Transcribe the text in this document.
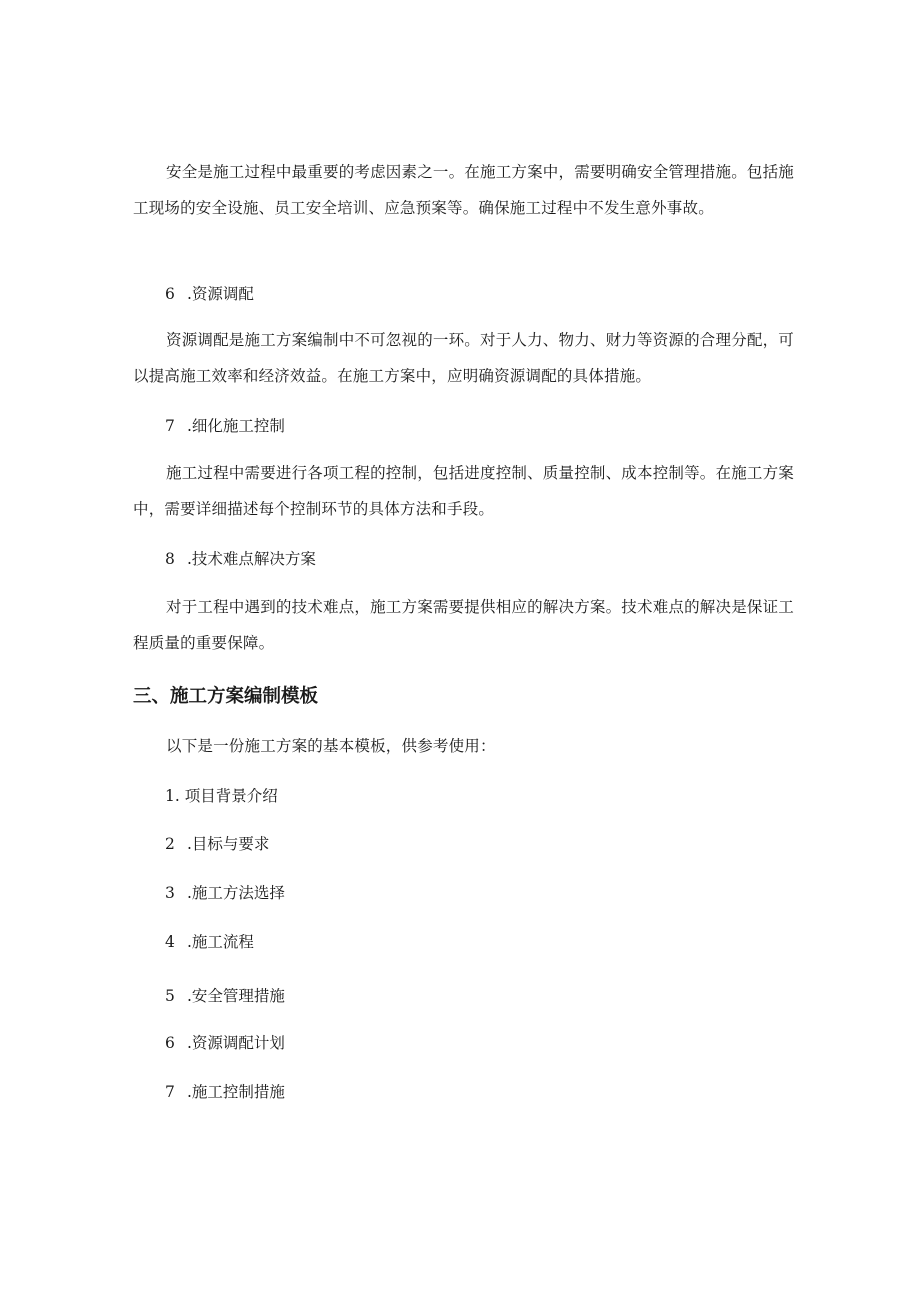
安全是施工过程中最重要的考虑因素之一。在施工方案中，需要明确安全管理措施。包括施工现场的安全设施、员工安全培训、应急预案等。确保施工过程中不发生意外事故。

6 .资源调配

资源调配是施工方案编制中不可忽视的一环。对于人力、物力、财力等资源的合理分配，可以提高施工效率和经济效益。在施工方案中，应明确资源调配的具体措施。

7 .细化施工控制

施工过程中需要进行各项工程的控制，包括进度控制、质量控制、成本控制等。在施工方案中，需要详细描述每个控制环节的具体方法和手段。

8 .技术难点解决方案

对于工程中遇到的技术难点，施工方案需要提供相应的解决方案。技术难点的解决是保证工程质量的重要保障。

三、施工方案编制模板

以下是一份施工方案的基本模板，供参考使用：

1. 项目背景介绍

2 .目标与要求

3 .施工方法选择

4 .施工流程

5 .安全管理措施

6 .资源调配计划

7 .施工控制措施
